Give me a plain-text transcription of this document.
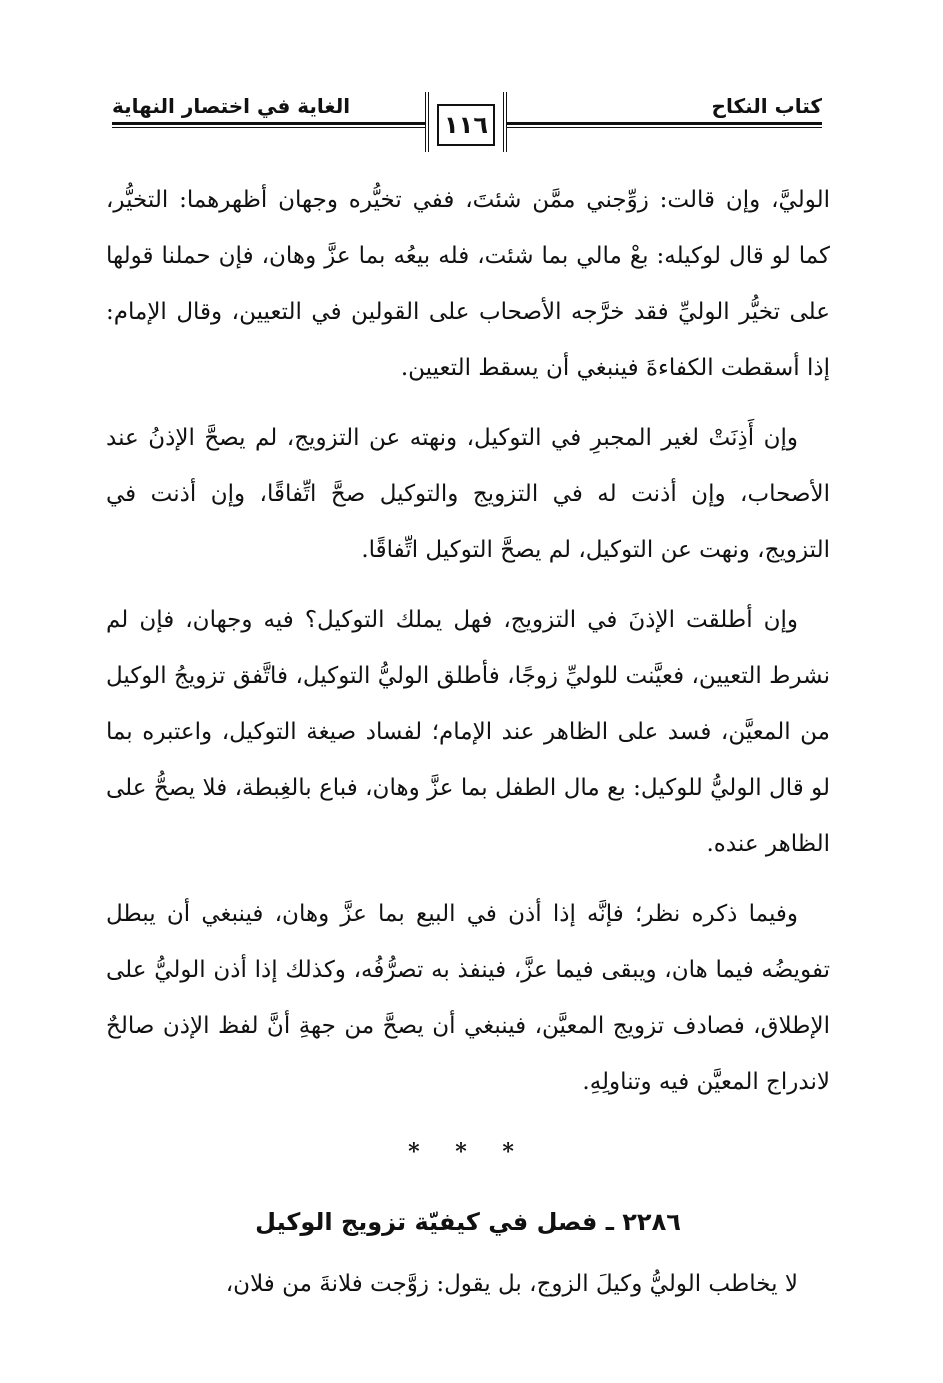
كتاب النكاح
الغاية في اختصار النهاية
١١٦

الوليَّ، وإن قالت: زوِّجني ممَّن شئتَ، ففي تخيُّره وجهان أظهرهما: التخيُّر، كما لو قال لوكيله: بعْ مالي بما شئت، فله بيعُه بما عزَّ وهان، فإن حملنا قولها على تخيُّر الوليِّ فقد خرَّجه الأصحاب على القولين في التعيين، وقال الإمام: إذا أسقطت الكفاءةَ فينبغي أن يسقط التعيين.

وإن أَذِنَتْ لغير المجبرِ في التوكيل، ونهته عن التزويج، لم يصحَّ الإذنُ عند الأصحاب، وإن أذنت له في التزويج والتوكيل صحَّ اتِّفاقًا، وإن أذنت في التزويج، ونهت عن التوكيل، لم يصحَّ التوكيل اتِّفاقًا.

وإن أطلقت الإذنَ في التزويج، فهل يملك التوكيل؟ فيه وجهان، فإن لم نشرط التعيين، فعيَّنت للوليِّ زوجًا، فأطلق الوليُّ التوكيل، فاتَّفق تزويجُ الوكيل من المعيَّن، فسد على الظاهر عند الإمام؛ لفساد صيغة التوكيل، واعتبره بما لو قال الوليُّ للوكيل: بع مال الطفل بما عزَّ وهان، فباع بالغِبطة، فلا يصحُّ على الظاهر عنده.

وفيما ذكره نظر؛ فإنَّه إذا أذن في البيع بما عزَّ وهان، فينبغي أن يبطل تفويضُه فيما هان، ويبقى فيما عزَّ، فينفذ به تصرُّفُه، وكذلك إذا أذن الوليُّ على الإطلاق، فصادف تزويج المعيَّن، فينبغي أن يصحَّ من جهةِ أنَّ لفظ الإذن صالحٌ لاندراج المعيَّن فيه وتناولِهِ.

* * *
٢٢٨٦ ـ فصل في كيفيّة تزويج الوكيل

لا يخاطب الوليُّ وكيلَ الزوج، بل يقول: زوَّجت فلانةَ من فلان،
